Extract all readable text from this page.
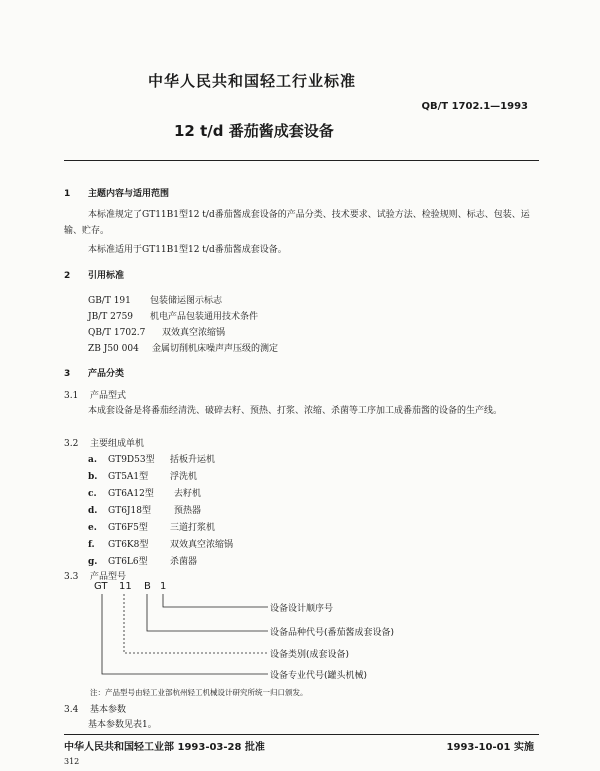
中华人民共和国轻工行业标准
QB/T 1702.1—1993
12 t/d 番茄酱成套设备
1 主题内容与适用范围
本标准规定了GT11B1型12 t/d番茄酱成套设备的产品分类、技术要求、试验方法、检验规则、标志、包装、运输、贮存。
本标准适用于GT11B1型12 t/d番茄酱成套设备。
2 引用标准
GB/T 191 包装储运图示标志
JB/T 2759 机电产品包装通用技术条件
QB/T 1702.7 双效真空浓缩锅
ZB J50 004 金属切削机床噪声声压级的测定
3 产品分类
3.1 产品型式
本成套设备是将番茄经清洗、破碎去籽、预热、打浆、浓缩、杀菌等工序加工成番茄酱的设备的生产线。
3.2 主要组成单机
a. GT9D53型 括板升运机
b. GT5A1型 浮洗机
c. GT6A12型 去籽机
d. GT6J18型	预热器
e. GT6F5型 三道打浆机
f. GT6K8型 双效真空浓缩锅
g. GT6L6型 杀菌器
3.3 产品型号
GT 11 B 1
设备设计顺序号
设备品种代号(番茄酱成套设备)
设备类别(成套设备)
设备专业代号(罐头机械)
注：产品型号由轻工业部杭州轻工机械设计研究所统一归口颁发。
3.4 基本参数
基本参数见表1。
中华人民共和国轻工业部 1993-03-28 批准	1993-10-01 实施
312
